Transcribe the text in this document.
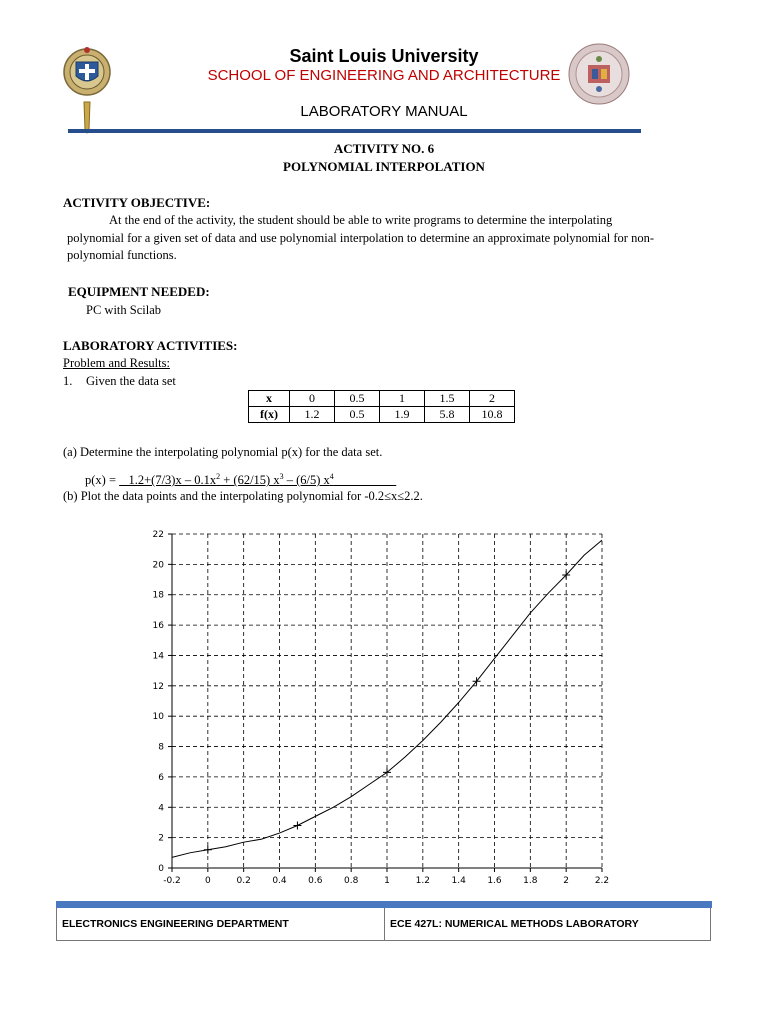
Saint Louis University
SCHOOL OF ENGINEERING AND ARCHITECTURE
LABORATORY MANUAL
ACTIVITY NO. 6
POLYNOMIAL INTERPOLATION
ACTIVITY OBJECTIVE:
At the end of the activity, the student should be able to write programs to determine the interpolating polynomial for a given set of data and use polynomial interpolation to determine an approximate polynomial for non-polynomial functions.
EQUIPMENT NEEDED:
PC with Scilab
LABORATORY ACTIVITIES:
Problem and Results:
1. Given the data set
x	0	0.5	1	1.5	2
f(x)	1.2	0.5	1.9	5.8	10.8
(a) Determine the interpolating polynomial p(x) for the data set.
p(x) =    $1.2+(7/3)x - 0.1x^2 + (62/15)$ $x^3 - (6/5)$ $x^4$
(b) Plot the data points and the interpolating polynomial for -0.2≤x≤2.2.
-0.2	0	0.2 0.4 0.6 0.8	1	1.2 1.4 1.6 1.8	2	2.2
0
2
4
6
8
10
12
14
16
18
20
22
ELECTRONICS ENGINEERING DEPARTMENT	ECE 427L: NUMERICAL METHODS LABORATORY
